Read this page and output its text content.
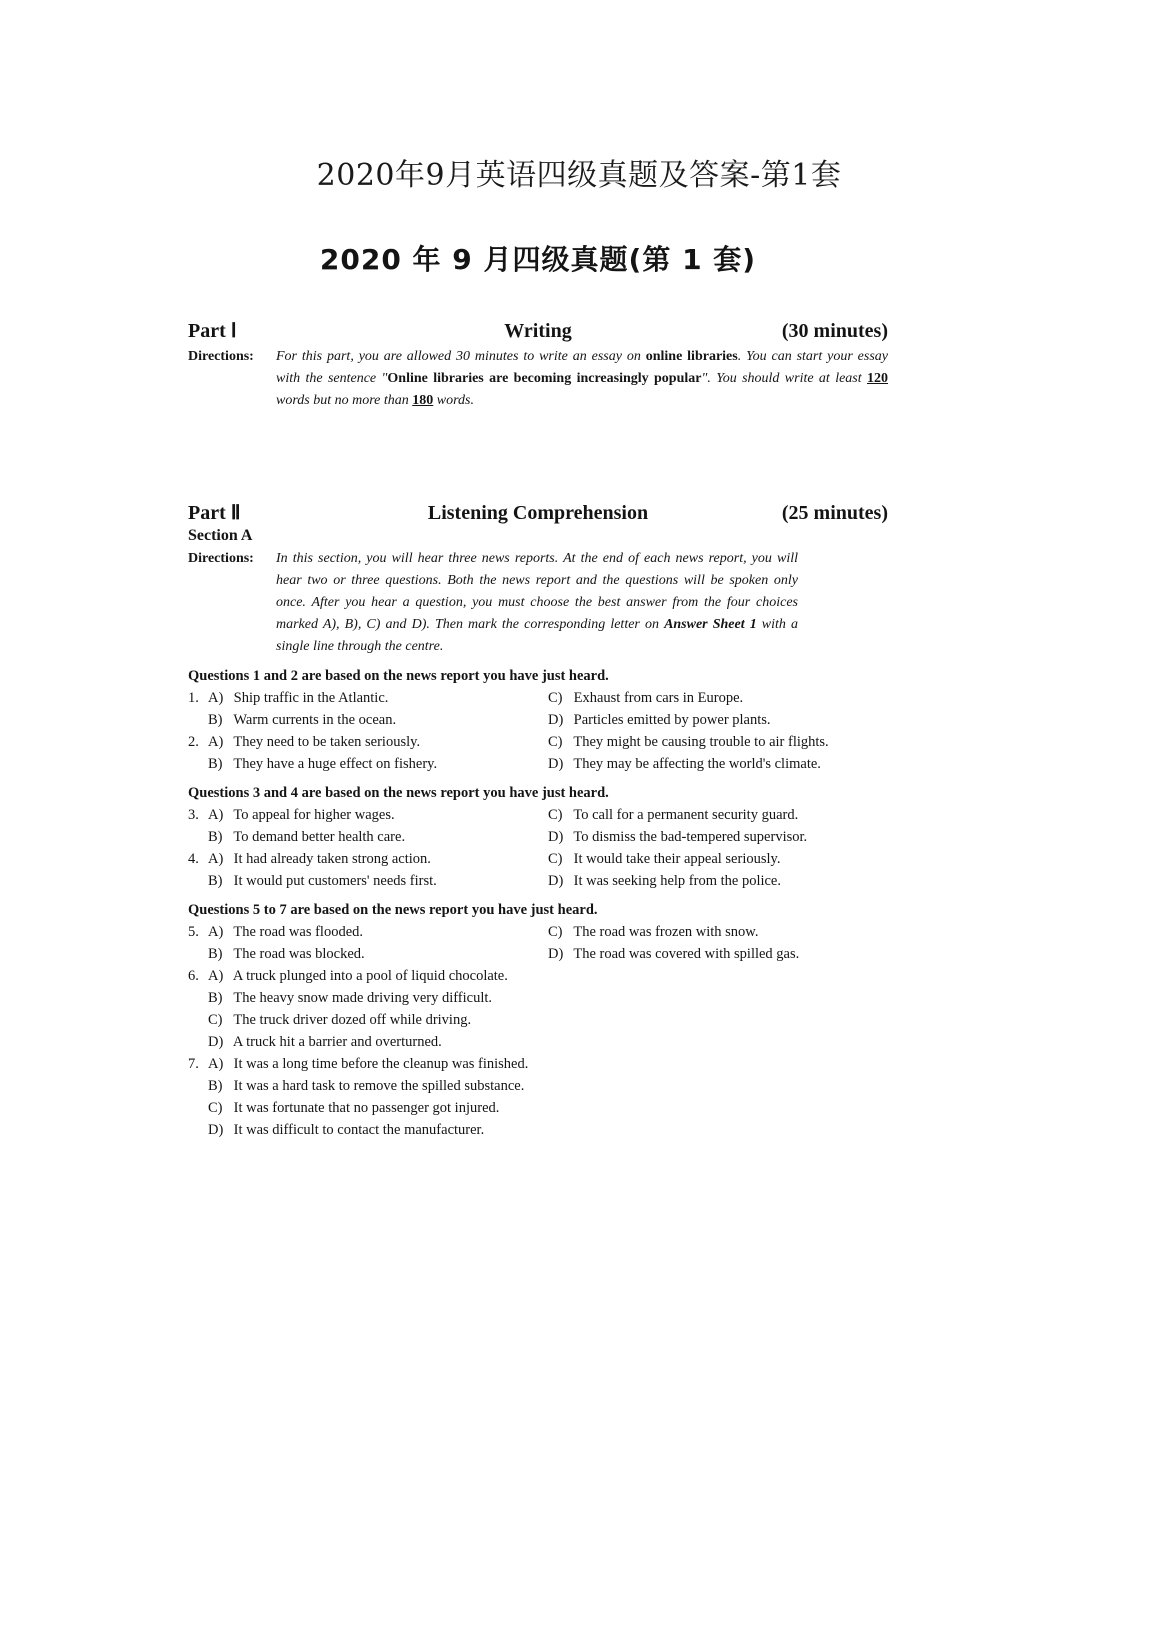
2020年9月英语四级真题及答案-第1套
2020 年 9 月四级真题(第 1 套)
Part Ⅰ	Writing	(30 minutes)
Directions:	For this part, you are allowed 30 minutes to write an essay on online libraries. You can start your essay with the sentence "Online libraries are becoming increasingly popular". You should write at least 120 words but no more than 180 words.
Part Ⅱ	Listening Comprehension	(25 minutes)
Section A
Directions:	In this section, you will hear three news reports. At the end of each news report, you will hear two or three questions. Both the news report and the questions will be spoken only once. After you hear a question, you must choose the best answer from the four choices marked A), B), C) and D). Then mark the corresponding letter on Answer Sheet 1 with a single line through the centre.
Questions 1 and 2 are based on the news report you have just heard.
1. A) Ship traffic in the Atlantic.	C) Exhaust from cars in Europe.
B) Warm currents in the ocean.	D) Particles emitted by power plants.
2. A) They need to be taken seriously.	C) They might be causing trouble to air flights.
B) They have a huge effect on fishery.	D) They may be affecting the world's climate.
Questions 3 and 4 are based on the news report you have just heard.
3. A) To appeal for higher wages.	C) To call for a permanent security guard.
B) To demand better health care.	D) To dismiss the bad-tempered supervisor.
4. A) It had already taken strong action.	C) It would take their appeal seriously.
B) It would put customers' needs first.	D) It was seeking help from the police.
Questions 5 to 7 are based on the news report you have just heard.
5. A) The road was flooded.	C) The road was frozen with snow.
B) The road was blocked.	D) The road was covered with spilled gas.
6. A) A truck plunged into a pool of liquid chocolate.
B) The heavy snow made driving very difficult.
C) The truck driver dozed off while driving.
D) A truck hit a barrier and overturned.
7. A) It was a long time before the cleanup was finished.
B) It was a hard task to remove the spilled substance.
C) It was fortunate that no passenger got injured.
D) It was difficult to contact the manufacturer.
